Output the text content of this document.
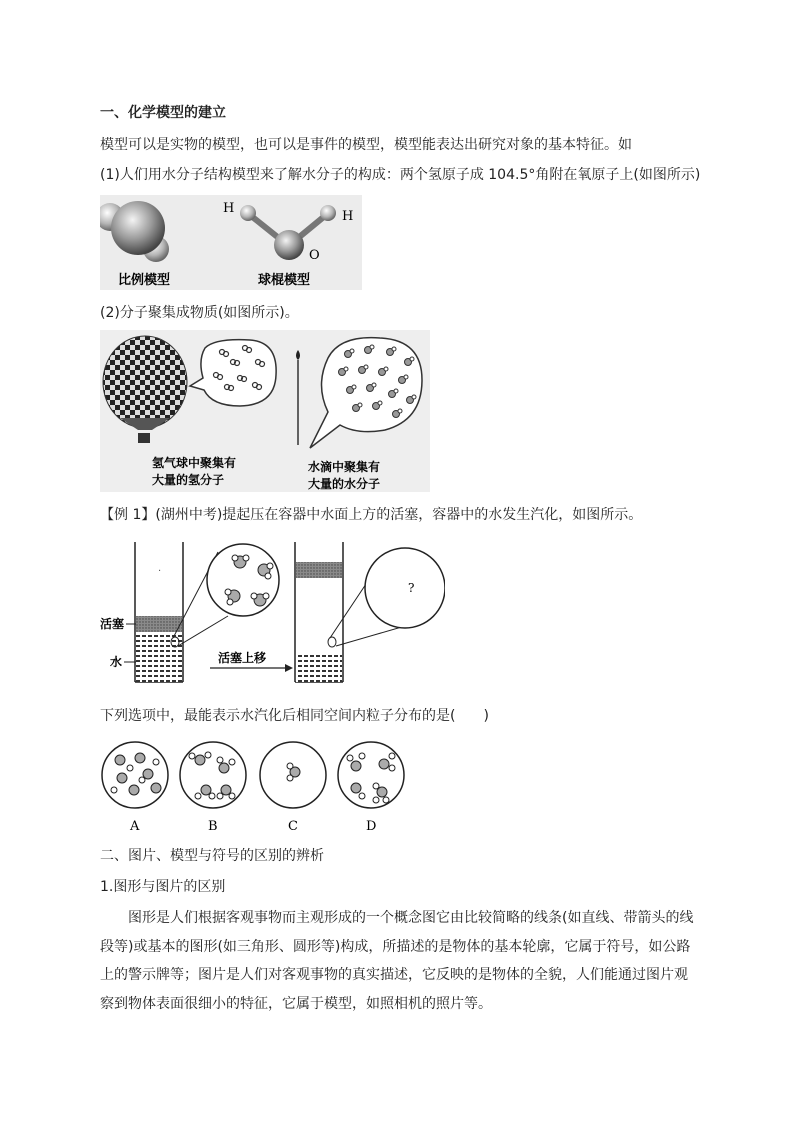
一、化学模型的建立
模型可以是实物的模型，也可以是事件的模型，模型能表达出研究对象的基本特征。如
(1)人们用水分子结构模型来了解水分子的构成：两个氢原子成 104.5°角附在氧原子上(如图所示)
H
H
O
比例模型	球棍模型
(2)分子聚集成物质(如图所示)。
氢气球中聚集有
大量的氢分子
水滴中聚集有
大量的水分子
【例 1】(湖州中考)提起压在容器中水面上方的活塞，容器中的水发生汽化，如图所示。
·
?
活塞上移
活塞
水
下列选项中，最能表示水汽化后相同空间内粒子分布的是(　　)
A	B	C	D
二、图片、模型与符号的区别的辨析
1.图形与图片的区别
图形是人们根据客观事物而主观形成的一个概念图它由比较简略的线条(如直线、带箭头的线段等)或基本的图形(如三角形、圆形等)构成，所描述的是物体的基本轮廓，它属于符号，如公路上的警示牌等；图片是人们对客观事物的真实描述，它反映的是物体的全貌，人们能通过图片观察到物体表面很细小的特征，它属于模型，如照相机的照片等。
